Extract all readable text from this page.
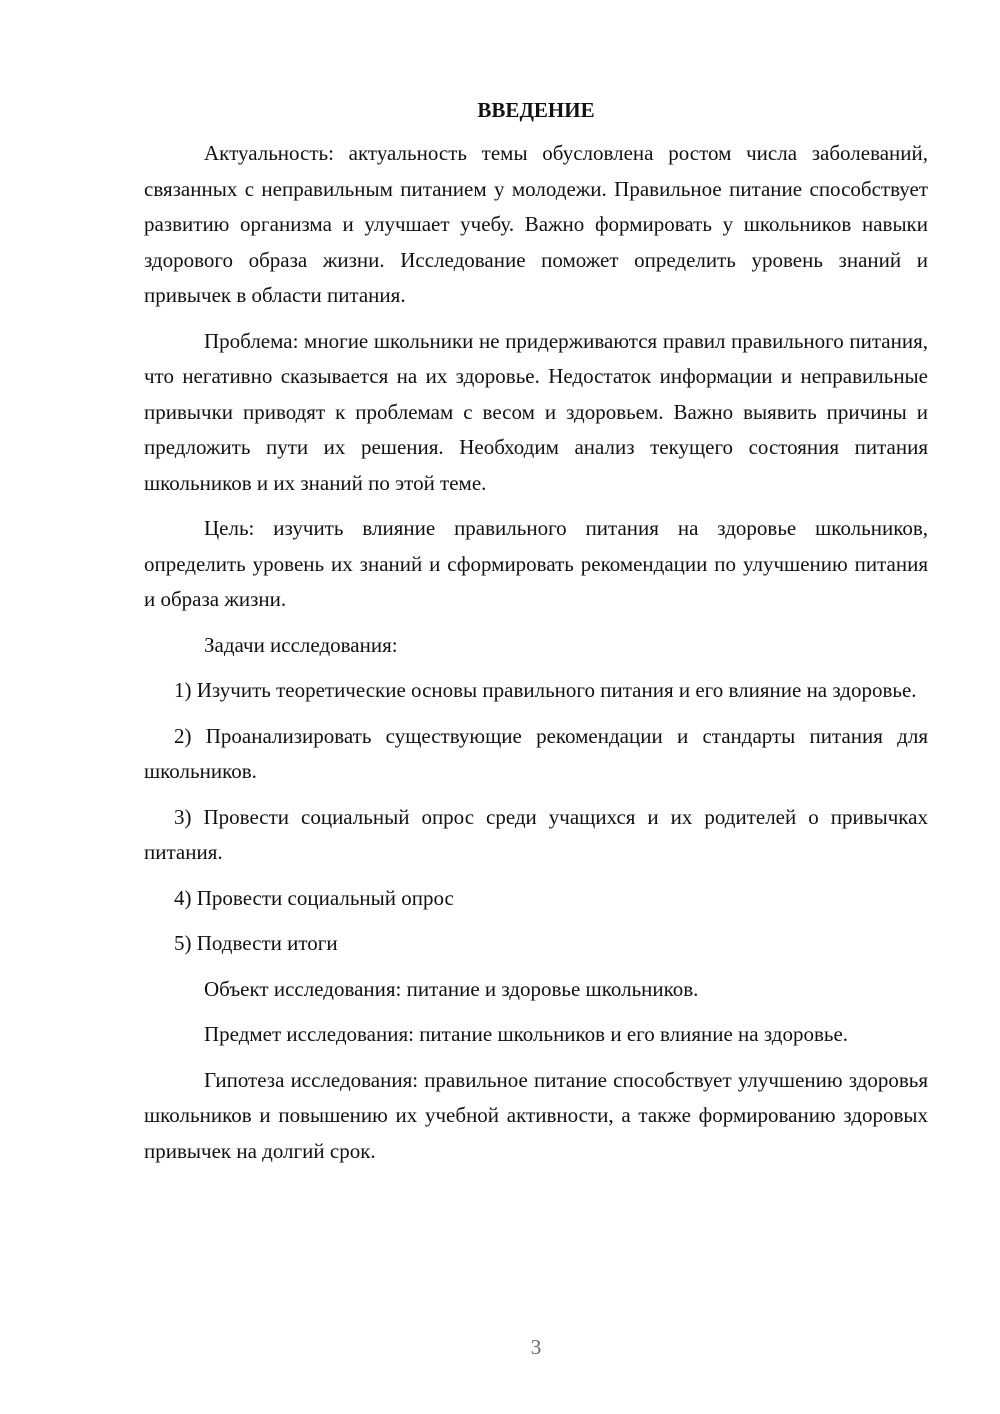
ВВЕДЕНИЕ

Актуальность: актуальность темы обусловлена ростом числа заболеваний, связанных с неправильным питанием у молодежи. Правильное питание способствует развитию организма и улучшает учебу. Важно формировать у школьников навыки здорового образа жизни. Исследование поможет определить уровень знаний и привычек в области питания.

Проблема: многие школьники не придерживаются правил правильного питания, что негативно сказывается на их здоровье. Недостаток информации и неправильные привычки приводят к проблемам с весом и здоровьем. Важно выявить причины и предложить пути их решения. Необходим анализ текущего состояния питания школьников и их знаний по этой теме.

Цель: изучить влияние правильного питания на здоровье школьников, определить уровень их знаний и сформировать рекомендации по улучшению питания и образа жизни.

Задачи исследования:

1) Изучить теоретические основы правильного питания и его влияние на здоровье.

2) Проанализировать существующие рекомендации и стандарты питания для школьников.

3) Провести социальный опрос среди учащихся и их родителей о привычках питания.

4) Провести социальный опрос

5) Подвести итоги

Объект исследования: питание и здоровье школьников.

Предмет исследования: питание школьников и его влияние на здоровье.

Гипотеза исследования: правильное питание способствует улучшению здоровья школьников и повышению их учебной активности, а также формированию здоровых привычек на долгий срок.

3
